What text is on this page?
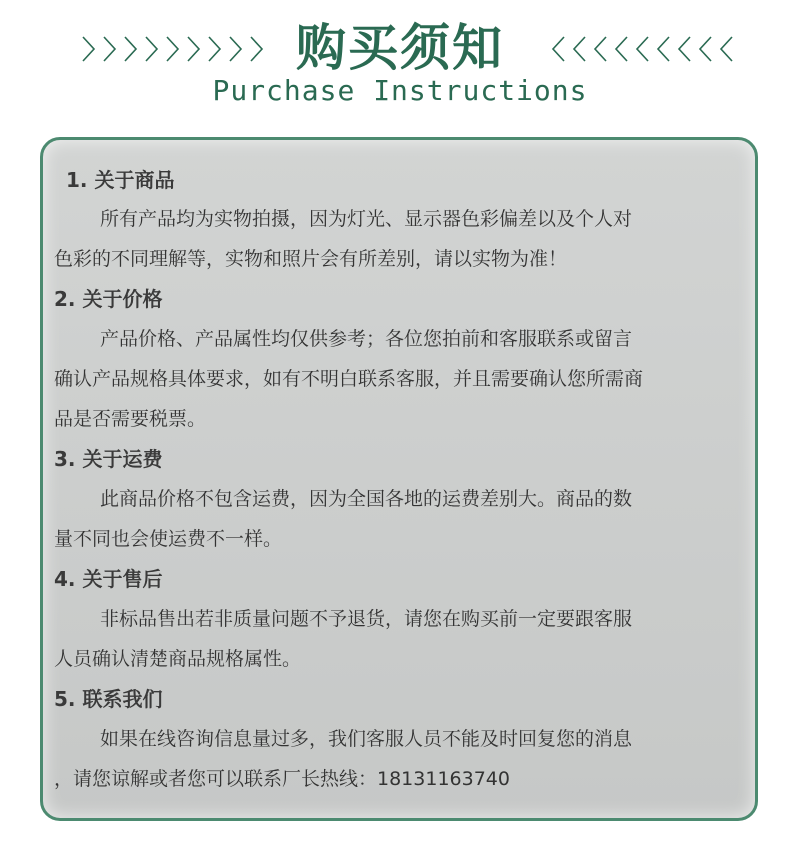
购买须知
Purchase Instructions
1. 关于商品
所有产品均为实物拍摄，因为灯光、显示器色彩偏差以及个人对
色彩的不同理解等，实物和照片会有所差别，请以实物为准！
2. 关于价格
产品价格、产品属性均仅供参考；各位您拍前和客服联系或留言
确认产品规格具体要求，如有不明白联系客服，并且需要确认您所需商
品是否需要税票。
3. 关于运费
此商品价格不包含运费，因为全国各地的运费差别大。商品的数
量不同也会使运费不一样。
4. 关于售后
非标品售出若非质量问题不予退货，请您在购买前一定要跟客服
人员确认清楚商品规格属性。
5. 联系我们
如果在线咨询信息量过多，我们客服人员不能及时回复您的消息
，请您谅解或者您可以联系厂长热线：18131163740
